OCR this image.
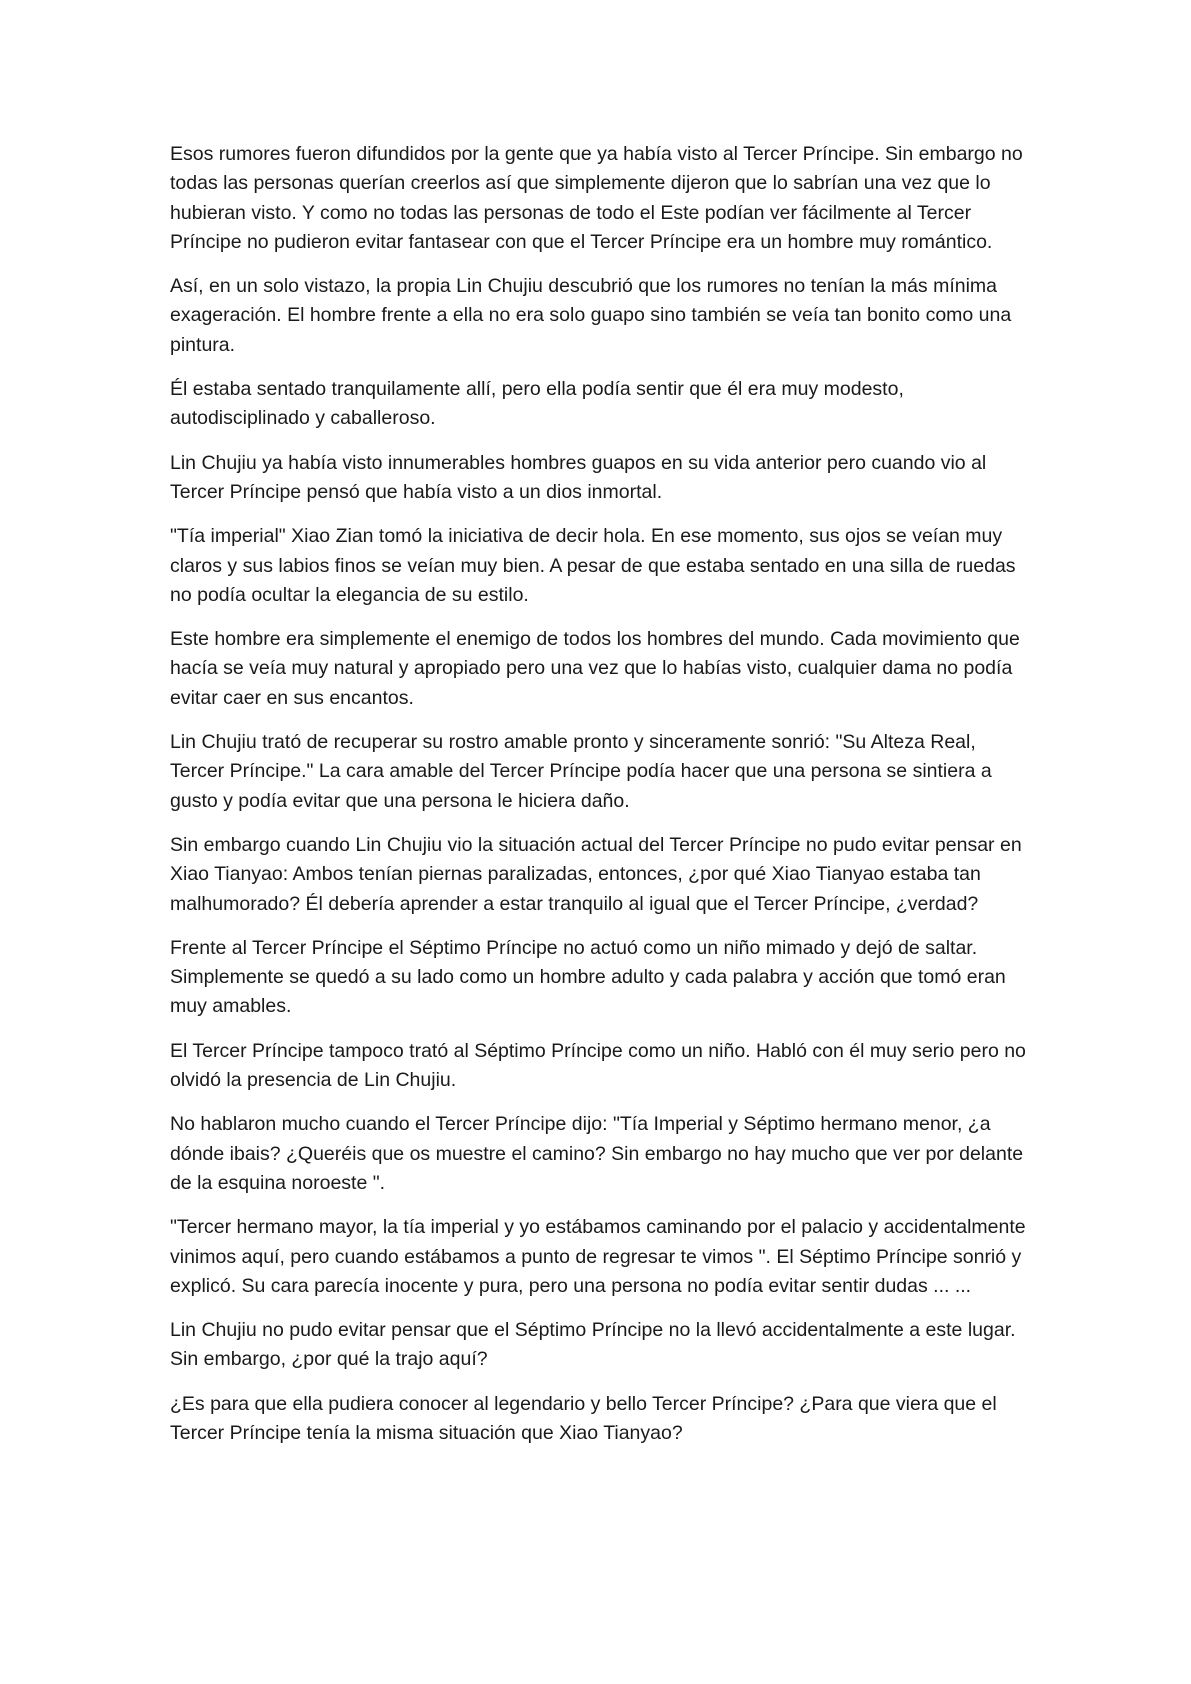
Esos rumores fueron difundidos por la gente que ya había visto al Tercer Príncipe. Sin embargo no todas las personas querían creerlos así que simplemente dijeron que lo sabrían una vez que lo hubieran visto. Y como no todas las personas de todo el Este podían ver fácilmente al Tercer Príncipe no pudieron evitar fantasear con que el Tercer Príncipe era un hombre muy romántico.

Así, en un solo vistazo, la propia Lin Chujiu descubrió que los rumores no tenían la más mínima exageración. El hombre frente a ella no era solo guapo sino también se veía tan bonito como una pintura.

Él estaba sentado tranquilamente allí, pero ella podía sentir que él era muy modesto, autodisciplinado y caballeroso.

Lin Chujiu ya había visto innumerables hombres guapos en su vida anterior pero cuando vio al Tercer Príncipe pensó que había visto a un dios inmortal.

"Tía imperial" Xiao Zian tomó la iniciativa de decir hola. En ese momento, sus ojos se veían muy claros y sus labios finos se veían muy bien. A pesar de que estaba sentado en una silla de ruedas no podía ocultar la elegancia de su estilo.

Este hombre era simplemente el enemigo de todos los hombres del mundo. Cada movimiento que hacía se veía muy natural y apropiado pero una vez que lo habías visto, cualquier dama no podía evitar caer en sus encantos.

Lin Chujiu trató de recuperar su rostro amable pronto y sinceramente sonrió: "Su Alteza Real, Tercer Príncipe." La cara amable del Tercer Príncipe podía hacer que una persona se sintiera a gusto y podía evitar que una persona le hiciera daño.

Sin embargo cuando Lin Chujiu vio la situación actual del Tercer Príncipe no pudo evitar pensar en Xiao Tianyao: Ambos tenían piernas paralizadas, entonces, ¿por qué Xiao Tianyao estaba tan malhumorado? Él debería aprender a estar tranquilo al igual que el Tercer Príncipe, ¿verdad?

Frente al Tercer Príncipe el Séptimo Príncipe no actuó como un niño mimado y dejó de saltar. Simplemente se quedó a su lado como un hombre adulto y cada palabra y acción que tomó eran muy amables.

El Tercer Príncipe tampoco trató al Séptimo Príncipe como un niño. Habló con él muy serio pero no olvidó la presencia de Lin Chujiu.

No hablaron mucho cuando el Tercer Príncipe dijo: "Tía Imperial y Séptimo hermano menor, ¿a dónde ibais? ¿Queréis que os muestre el camino? Sin embargo no hay mucho que ver por delante de la esquina noroeste ".

"Tercer hermano mayor, la tía imperial y yo estábamos caminando por el palacio y accidentalmente vinimos aquí, pero cuando estábamos a punto de regresar te vimos ". El Séptimo Príncipe sonrió y explicó. Su cara parecía inocente y pura, pero una persona no podía evitar sentir dudas ... ...

Lin Chujiu no pudo evitar pensar que el Séptimo Príncipe no la llevó accidentalmente a este lugar. Sin embargo, ¿por qué la trajo aquí?

¿Es para que ella pudiera conocer al legendario y bello Tercer Príncipe? ¿Para que viera que el Tercer Príncipe tenía la misma situación que Xiao Tianyao?
